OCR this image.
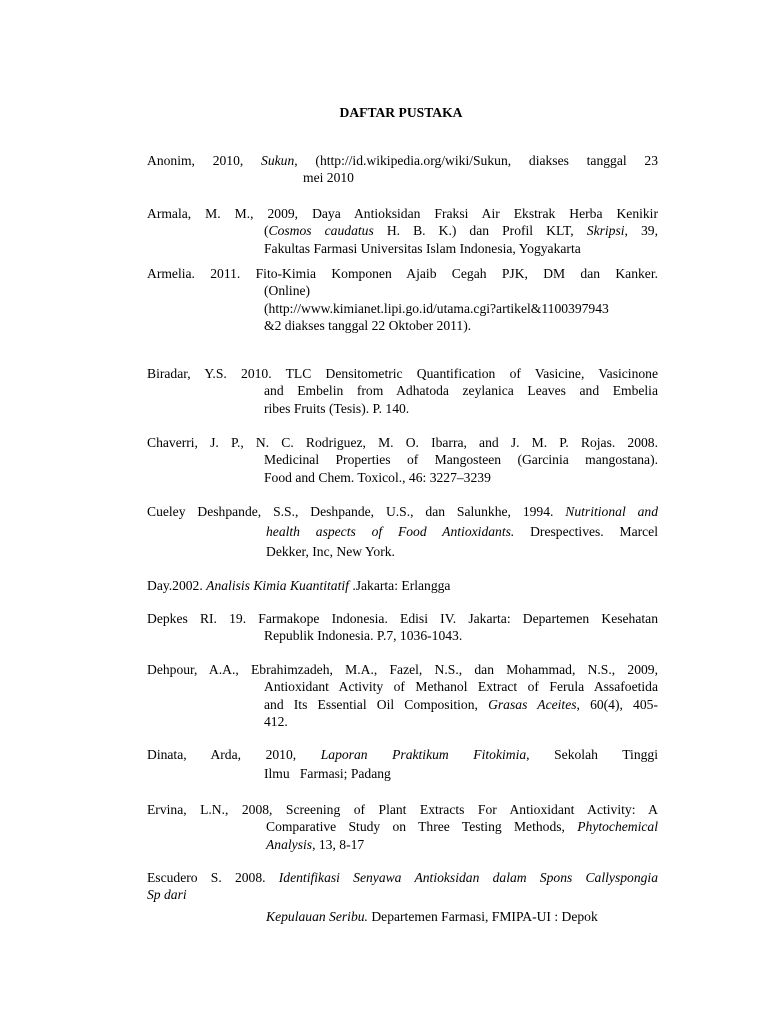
DAFTAR PUSTAKA
Anonim, 2010, Sukun, (http://id.wikipedia.org/wiki/Sukun, diakses tanggal 23
mei 2010
Armala, M. M., 2009, Daya Antioksidan Fraksi Air Ekstrak Herba Kenikir
(Cosmos caudatus H. B. K.) dan Profil KLT, Skripsi, 39,
Fakultas Farmasi Universitas Islam Indonesia, Yogyakarta
Armelia. 2011. Fito-Kimia Komponen Ajaib Cegah PJK, DM dan Kanker.
(Online)
(http://www.kimianet.lipi.go.id/utama.cgi?artikel&1100397943
&2 diakses tanggal 22 Oktober 2011).
Biradar, Y.S. 2010. TLC Densitometric Quantification of Vasicine, Vasicinone
and Embelin from Adhatoda zeylanica Leaves and Embelia
ribes Fruits (Tesis). P. 140.
Chaverri, J. P., N. C. Rodriguez, M. O. Ibarra, and J. M. P. Rojas. 2008.
Medicinal Properties of Mangosteen (Garcinia mangostana).
Food and Chem. Toxicol., 46: 3227–3239
Cueley Deshpande, S.S., Deshpande, U.S., dan Salunkhe, 1994. Nutritional and
health aspects of Food Antioxidants. Drespectives. Marcel
Dekker, Inc, New York.
Day.2002. Analisis Kimia Kuantitatif .Jakarta: Erlangga
Depkes RI. 19. Farmakope Indonesia. Edisi IV. Jakarta: Departemen Kesehatan
Republik Indonesia. P.7, 1036-1043.
Dehpour, A.A., Ebrahimzadeh, M.A., Fazel, N.S., dan Mohammad, N.S., 2009,
Antioxidant Activity of Methanol Extract of Ferula Assafoetida
and Its Essential Oil Composition, Grasas Aceites, 60(4), 405-
412.
Dinata,    Arda,    2010,    Laporan    Praktikum    Fitokimia,    Sekolah    Tinggi
Ilmu   Farmasi; Padang
Ervina, L.N., 2008, Screening of Plant Extracts For Antioxidant Activity: A
Comparative Study on Three Testing Methods, Phytochemical
Analysis, 13, 8-17
Escudero S. 2008. Identifikasi Senyawa Antioksidan dalam Spons Callyspongia
Sp dari
Kepulauan Seribu. Departemen Farmasi, FMIPA-UI : Depok
